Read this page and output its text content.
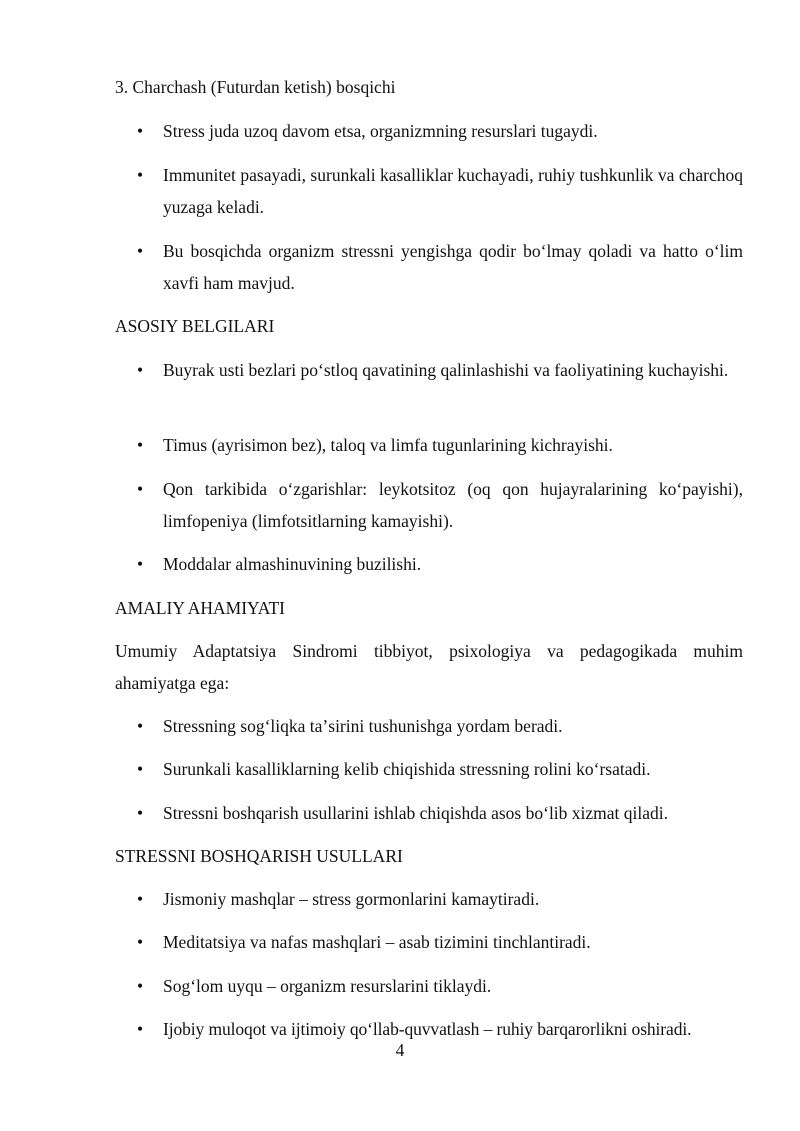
3. Charchash (Futurdan ketish) bosqichi
• Stress juda uzoq davom etsa, organizmning resurslari tugaydi.
• Immunitet pasayadi, surunkali kasalliklar kuchayadi, ruhiy tushkunlik va charchoq yuzaga keladi.
• Bu bosqichda organizm stressni yengishga qodir boʻlmay qoladi va hatto oʻlim xavfi ham mavjud.
ASOSIY BELGILARI
• Buyrak usti bezlari poʻstloq qavatining qalinlashishi va faoliyatining kuchayishi.
• Timus (ayrisimon bez), taloq va limfa tugunlarining kichrayishi.
• Qon tarkibida oʻzgarishlar: leykotsitoz (oq qon hujayralarining koʻpayishi), limfopeniya (limfotsitlarning kamayishi).
• Moddalar almashinuvining buzilishi.
AMALIY AHAMIYATI
Umumiy Adaptatsiya Sindromi tibbiyot, psixologiya va pedagogikada muhim ahamiyatga ega:
• Stressning sogʻliqka taʼsirini tushunishga yordam beradi.
• Surunkali kasalliklarning kelib chiqishida stressning rolini koʻrsatadi.
• Stressni boshqarish usullarini ishlab chiqishda asos boʻlib xizmat qiladi.
STRESSNI BOSHQARISH USULLARI
• Jismoniy mashqlar – stress gormonlarini kamaytiradi.
• Meditatsiya va nafas mashqlari – asab tizimini tinchlantiradi.
• Sogʻlom uyqu – organizm resurslarini tiklaydi.
• Ijobiy muloqot va ijtimoiy qoʻllab-quvvatlash – ruhiy barqarorlikni oshiradi.
4
